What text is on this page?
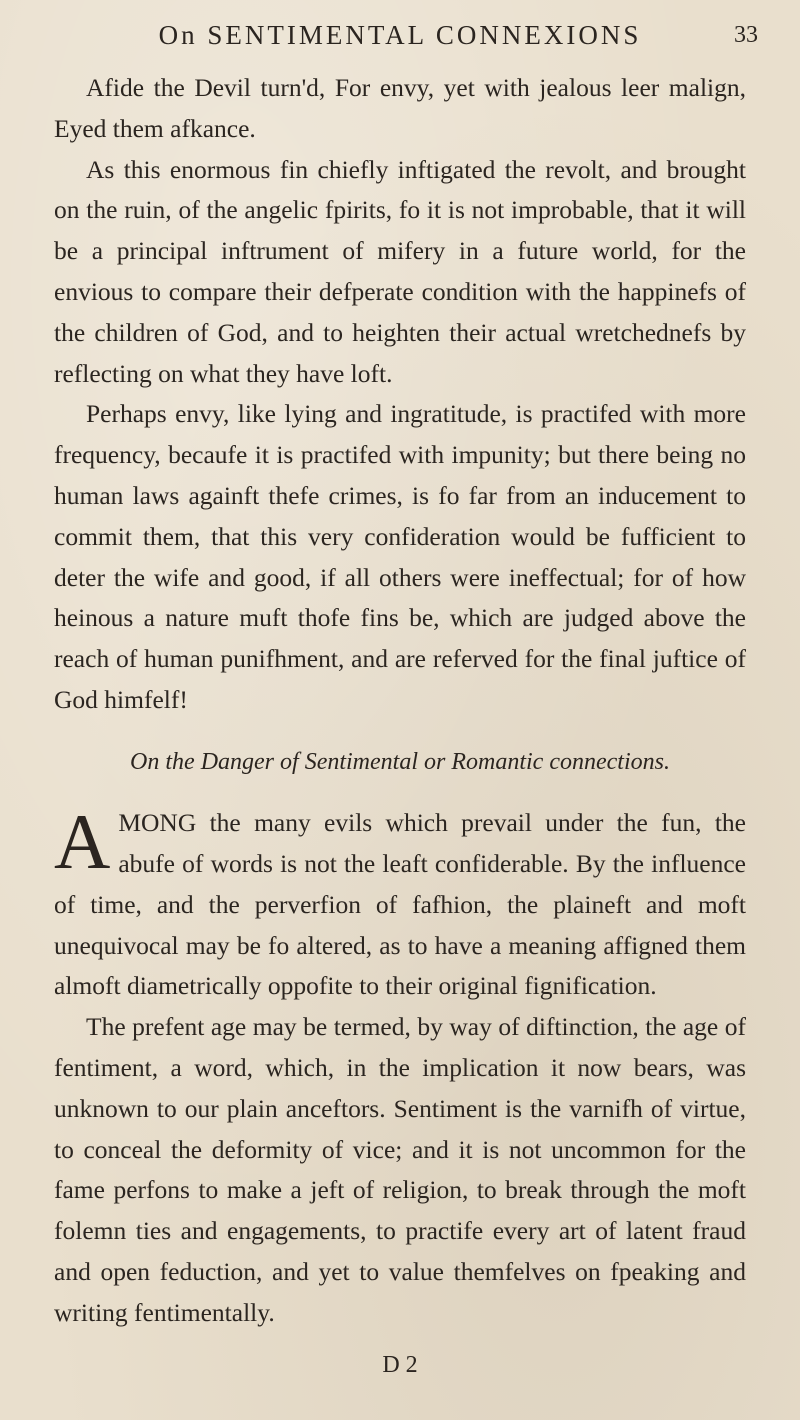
On SENTIMENTAL CONNEXIONS	33

Afide the Devil turn'd, For envy, yet with jealous leer malign, Eyed them afkance.

As this enormous fin chiefly inftigated the revolt, and brought on the ruin, of the angelic fpirits, fo it is not improbable, that it will be a principal inftrument of mifery in a future world, for the envious to compare their defperate condition with the happinefs of the children of God, and to heighten their actual wretchednefs by reflecting on what they have loft.

Perhaps envy, like lying and ingratitude, is practifed with more frequency, becaufe it is practifed with impunity; but there being no human laws againft thefe crimes, is fo far from an inducement to commit them, that this very confideration would be fufficient to deter the wife and good, if all others were ineffectual; for of how heinous a nature muft thofe fins be, which are judged above the reach of human punifhment, and are referved for the final juftice of God himfelf!

On the Danger of Sentimental or Romantic connections.

A MONG the many evils which prevail under the fun, the abufe of words is not the leaft confiderable. By the influence of time, and the perverfion of fafhion, the plaineft and moft unequivocal may be fo altered, as to have a meaning affigned them almoft diametrically oppofite to their original fignification.

The prefent age may be termed, by way of diftinction, the age of fentiment, a word, which, in the implication it now bears, was unknown to our plain anceftors. Sentiment is the varnifh of virtue, to conceal the deformity of vice; and it is not uncommon for the fame perfons to make a jeft of religion, to break through the moft folemn ties and engagements, to practife every art of latent fraud and open feduction, and yet to value themfelves on fpeaking and writing fentimentally.

D 2
